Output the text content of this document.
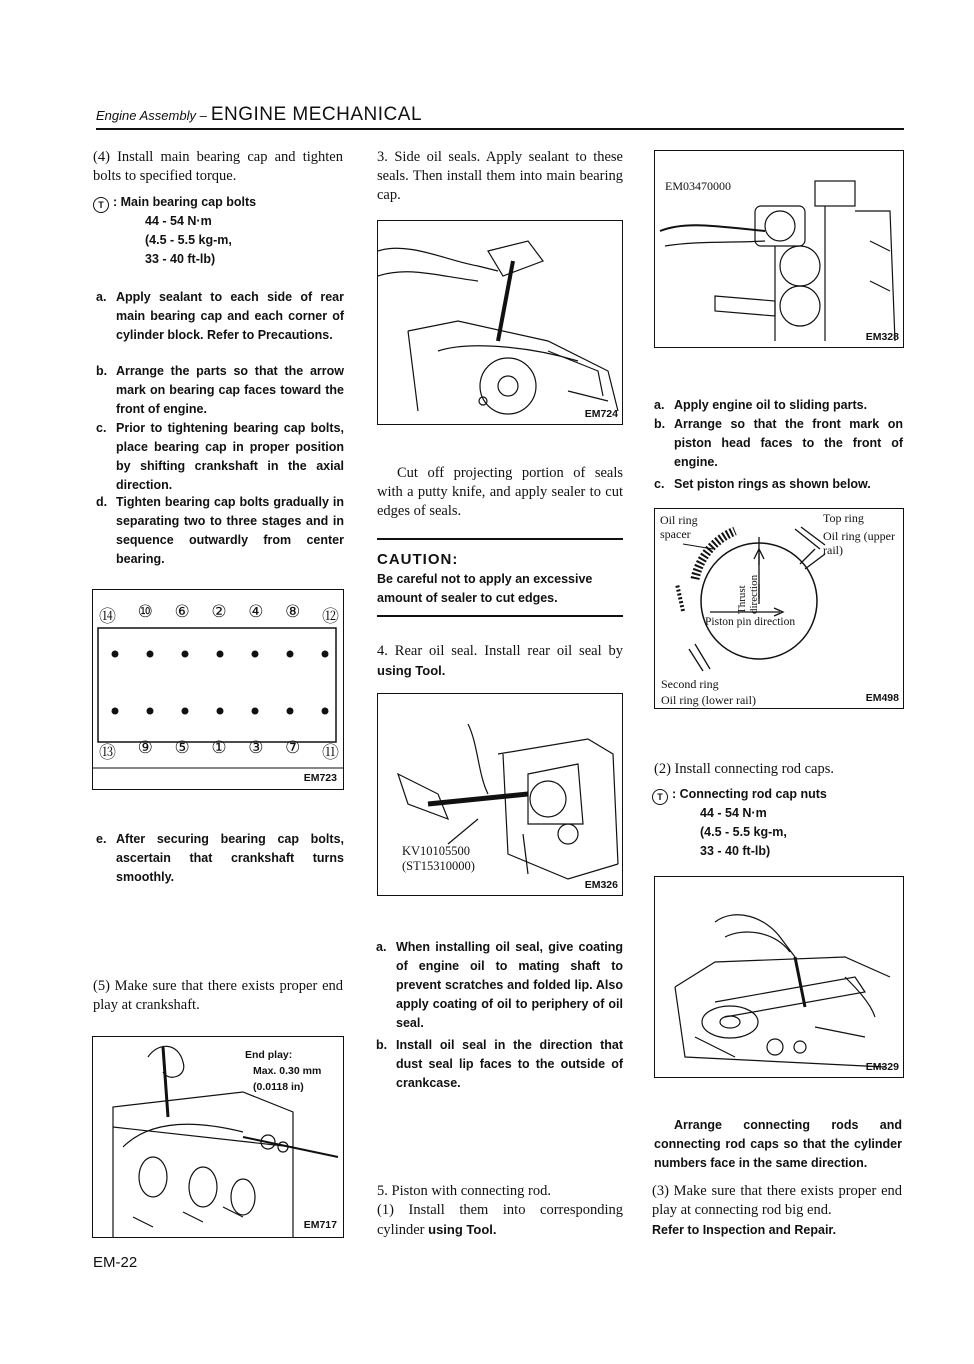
Engine Assembly – ENGINE MECHANICAL
(4) Install main bearing cap and tighten bolts to specified torque.
T : Main bearing cap bolts
44 - 54 N·m
(4.5 - 5.5 kg-m,
33 - 40 ft-lb)
a. Apply sealant to each side of rear main bearing cap and each corner of cylinder block. Refer to Precautions.
b. Arrange the parts so that the arrow mark on bearing cap faces toward the front of engine.
c. Prior to tightening bearing cap bolts, place bearing cap in proper position by shifting crankshaft in the axial direction.
d. Tighten bearing cap bolts gradually in separating two to three stages and in sequence outwardly from center bearing.
⑭ ⑩ ⑥ ② ④ ⑧ ⑫
⑬ ⑨ ⑤ ① ③ ⑦ ⑪
EM723
e. After securing bearing cap bolts, ascertain that crankshaft turns smoothly.
(5) Make sure that there exists proper end play at crankshaft.
End play:
Max. 0.30 mm
(0.0118 in)
EM717
3. Side oil seals. Apply sealant to these seals. Then install them into main bearing cap.
EM724
Cut off projecting portion of seals with a putty knife, and apply sealer to cut edges of seals.
CAUTION:
Be careful not to apply an excessive amount of sealer to cut edges.
4. Rear oil seal. Install rear oil seal by using Tool.
KV10105500
(ST15310000)
EM326
a. When installing oil seal, give coating of engine oil to mating shaft to prevent scratches and folded lip. Also apply coating of oil to periphery of oil seal.
b. Install oil seal in the direction that dust seal lip faces to the outside of crankcase.
5. Piston with connecting rod.
(1) Install them into corresponding cylinder using Tool.
EM03470000
EM328
a. Apply engine oil to sliding parts.
b. Arrange so that the front mark on piston head faces to the front of engine.
c. Set piston rings as shown below.
Oil ring spacer
Top ring
Oil ring (upper rail)
Thrust direction
Piston pin direction
Second ring
Oil ring (lower rail)	EM498
(2) Install connecting rod caps.
T : Connecting rod cap nuts
44 - 54 N·m
(4.5 - 5.5 kg-m,
33 - 40 ft-lb)
EM329
Arrange connecting rods and connecting rod caps so that the cylinder numbers face in the same direction.
(3) Make sure that there exists proper end play at connecting rod big end.
Refer to Inspection and Repair.
EM-22
